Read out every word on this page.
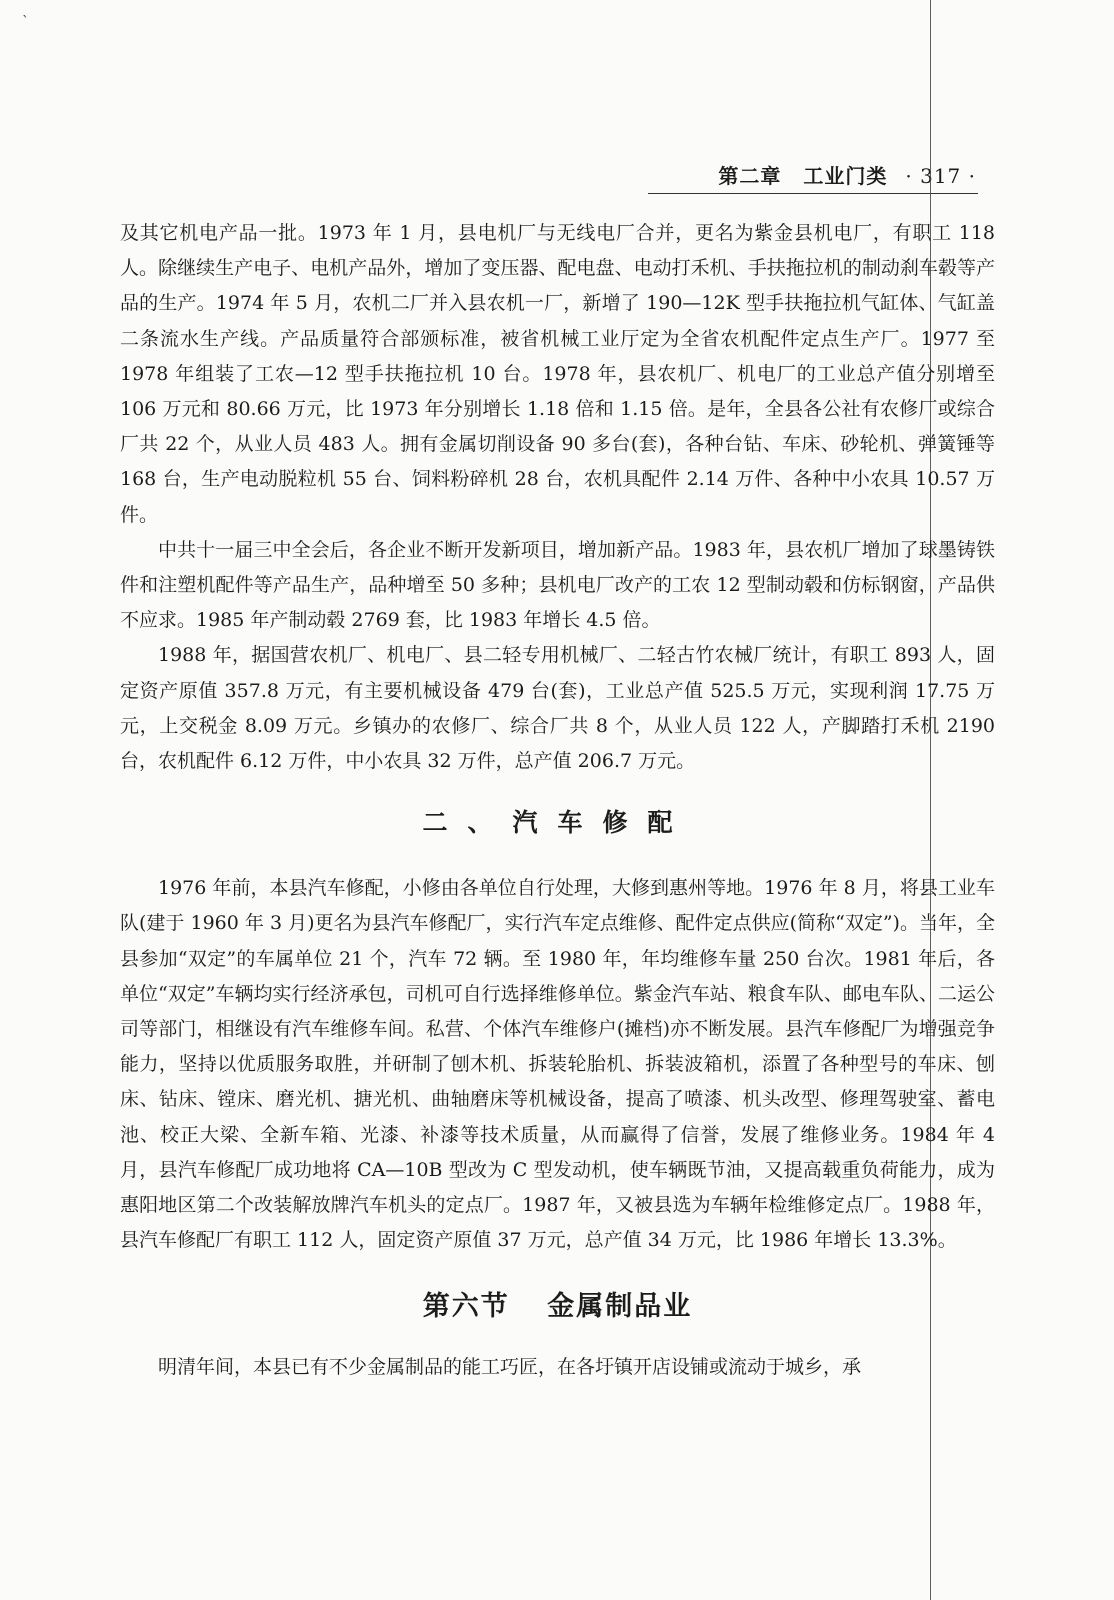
`
第二章 工业门类 · 317 ·

及其它机电产品一批。1973 年 1 月，县电机厂与无线电厂合并，更名为紫金县机电厂，有职工 118 人。除继续生产电子、电机产品外，增加了变压器、配电盘、电动打禾机、手扶拖拉机的制动刹车毂等产品的生产。1974 年 5 月，农机二厂并入县农机一厂，新增了 190—12K 型手扶拖拉机气缸体、气缸盖二条流水生产线。产品质量符合部颁标准，被省机械工业厅定为全省农机配件定点生产厂。1977 至 1978 年组装了工农—12 型手扶拖拉机 10 台。1978 年，县农机厂、机电厂的工业总产值分别增至 106 万元和 80.66 万元，比 1973 年分别增长 1.18 倍和 1.15 倍。是年，全县各公社有农修厂或综合厂共 22 个，从业人员 483 人。拥有金属切削设备 90 多台(套)，各种台钻、车床、砂轮机、弹簧锤等 168 台，生产电动脱粒机 55 台、饲料粉碎机 28 台，农机具配件 2.14 万件、各种中小农具 10.57 万件。

中共十一届三中全会后，各企业不断开发新项目，增加新产品。1983 年，县农机厂增加了球墨铸铁件和注塑机配件等产品生产，品种增至 50 多种；县机电厂改产的工农 12 型制动毂和仿标钢窗，产品供不应求。1985 年产制动毂 2769 套，比 1983 年增长 4.5 倍。

1988 年，据国营农机厂、机电厂、县二轻专用机械厂、二轻古竹农械厂统计，有职工 893 人，固定资产原值 357.8 万元，有主要机械设备 479 台(套)，工业总产值 525.5 万元，实现利润 17.75 万元，上交税金 8.09 万元。乡镇办的农修厂、综合厂共 8 个，从业人员 122 人，产脚踏打禾机 2190 台，农机配件 6.12 万件，中小农具 32 万件，总产值 206.7 万元。

二、汽车修配

1976 年前，本县汽车修配，小修由各单位自行处理，大修到惠州等地。1976 年 8 月，将县工业车队(建于 1960 年 3 月)更名为县汽车修配厂，实行汽车定点维修、配件定点供应(简称“双定”)。当年，全县参加“双定”的车属单位 21 个，汽车 72 辆。至 1980 年，年均维修车量 250 台次。1981 年后，各单位“双定”车辆均实行经济承包，司机可自行选择维修单位。紫金汽车站、粮食车队、邮电车队、二运公司等部门，相继设有汽车维修车间。私营、个体汽车维修户(摊档)亦不断发展。县汽车修配厂为增强竞争能力，坚持以优质服务取胜，并研制了刨木机、拆装轮胎机、拆装波箱机，添置了各种型号的车床、刨床、钻床、镗床、磨光机、搪光机、曲轴磨床等机械设备，提高了喷漆、机头改型、修理驾驶室、蓄电池、校正大梁、全新车箱、光漆、补漆等技术质量，从而赢得了信誉，发展了维修业务。1984 年 4 月，县汽车修配厂成功地将 CA—10B 型改为 C 型发动机，使车辆既节油，又提高载重负荷能力，成为惠阳地区第二个改装解放牌汽车机头的定点厂。1987 年，又被县选为车辆年检维修定点厂。1988 年，县汽车修配厂有职工 112 人，固定资产原值 37 万元，总产值 34 万元，比 1986 年增长 13.3%。

第六节 金属制品业

明清年间，本县已有不少金属制品的能工巧匠，在各圩镇开店设铺或流动于城乡，承
